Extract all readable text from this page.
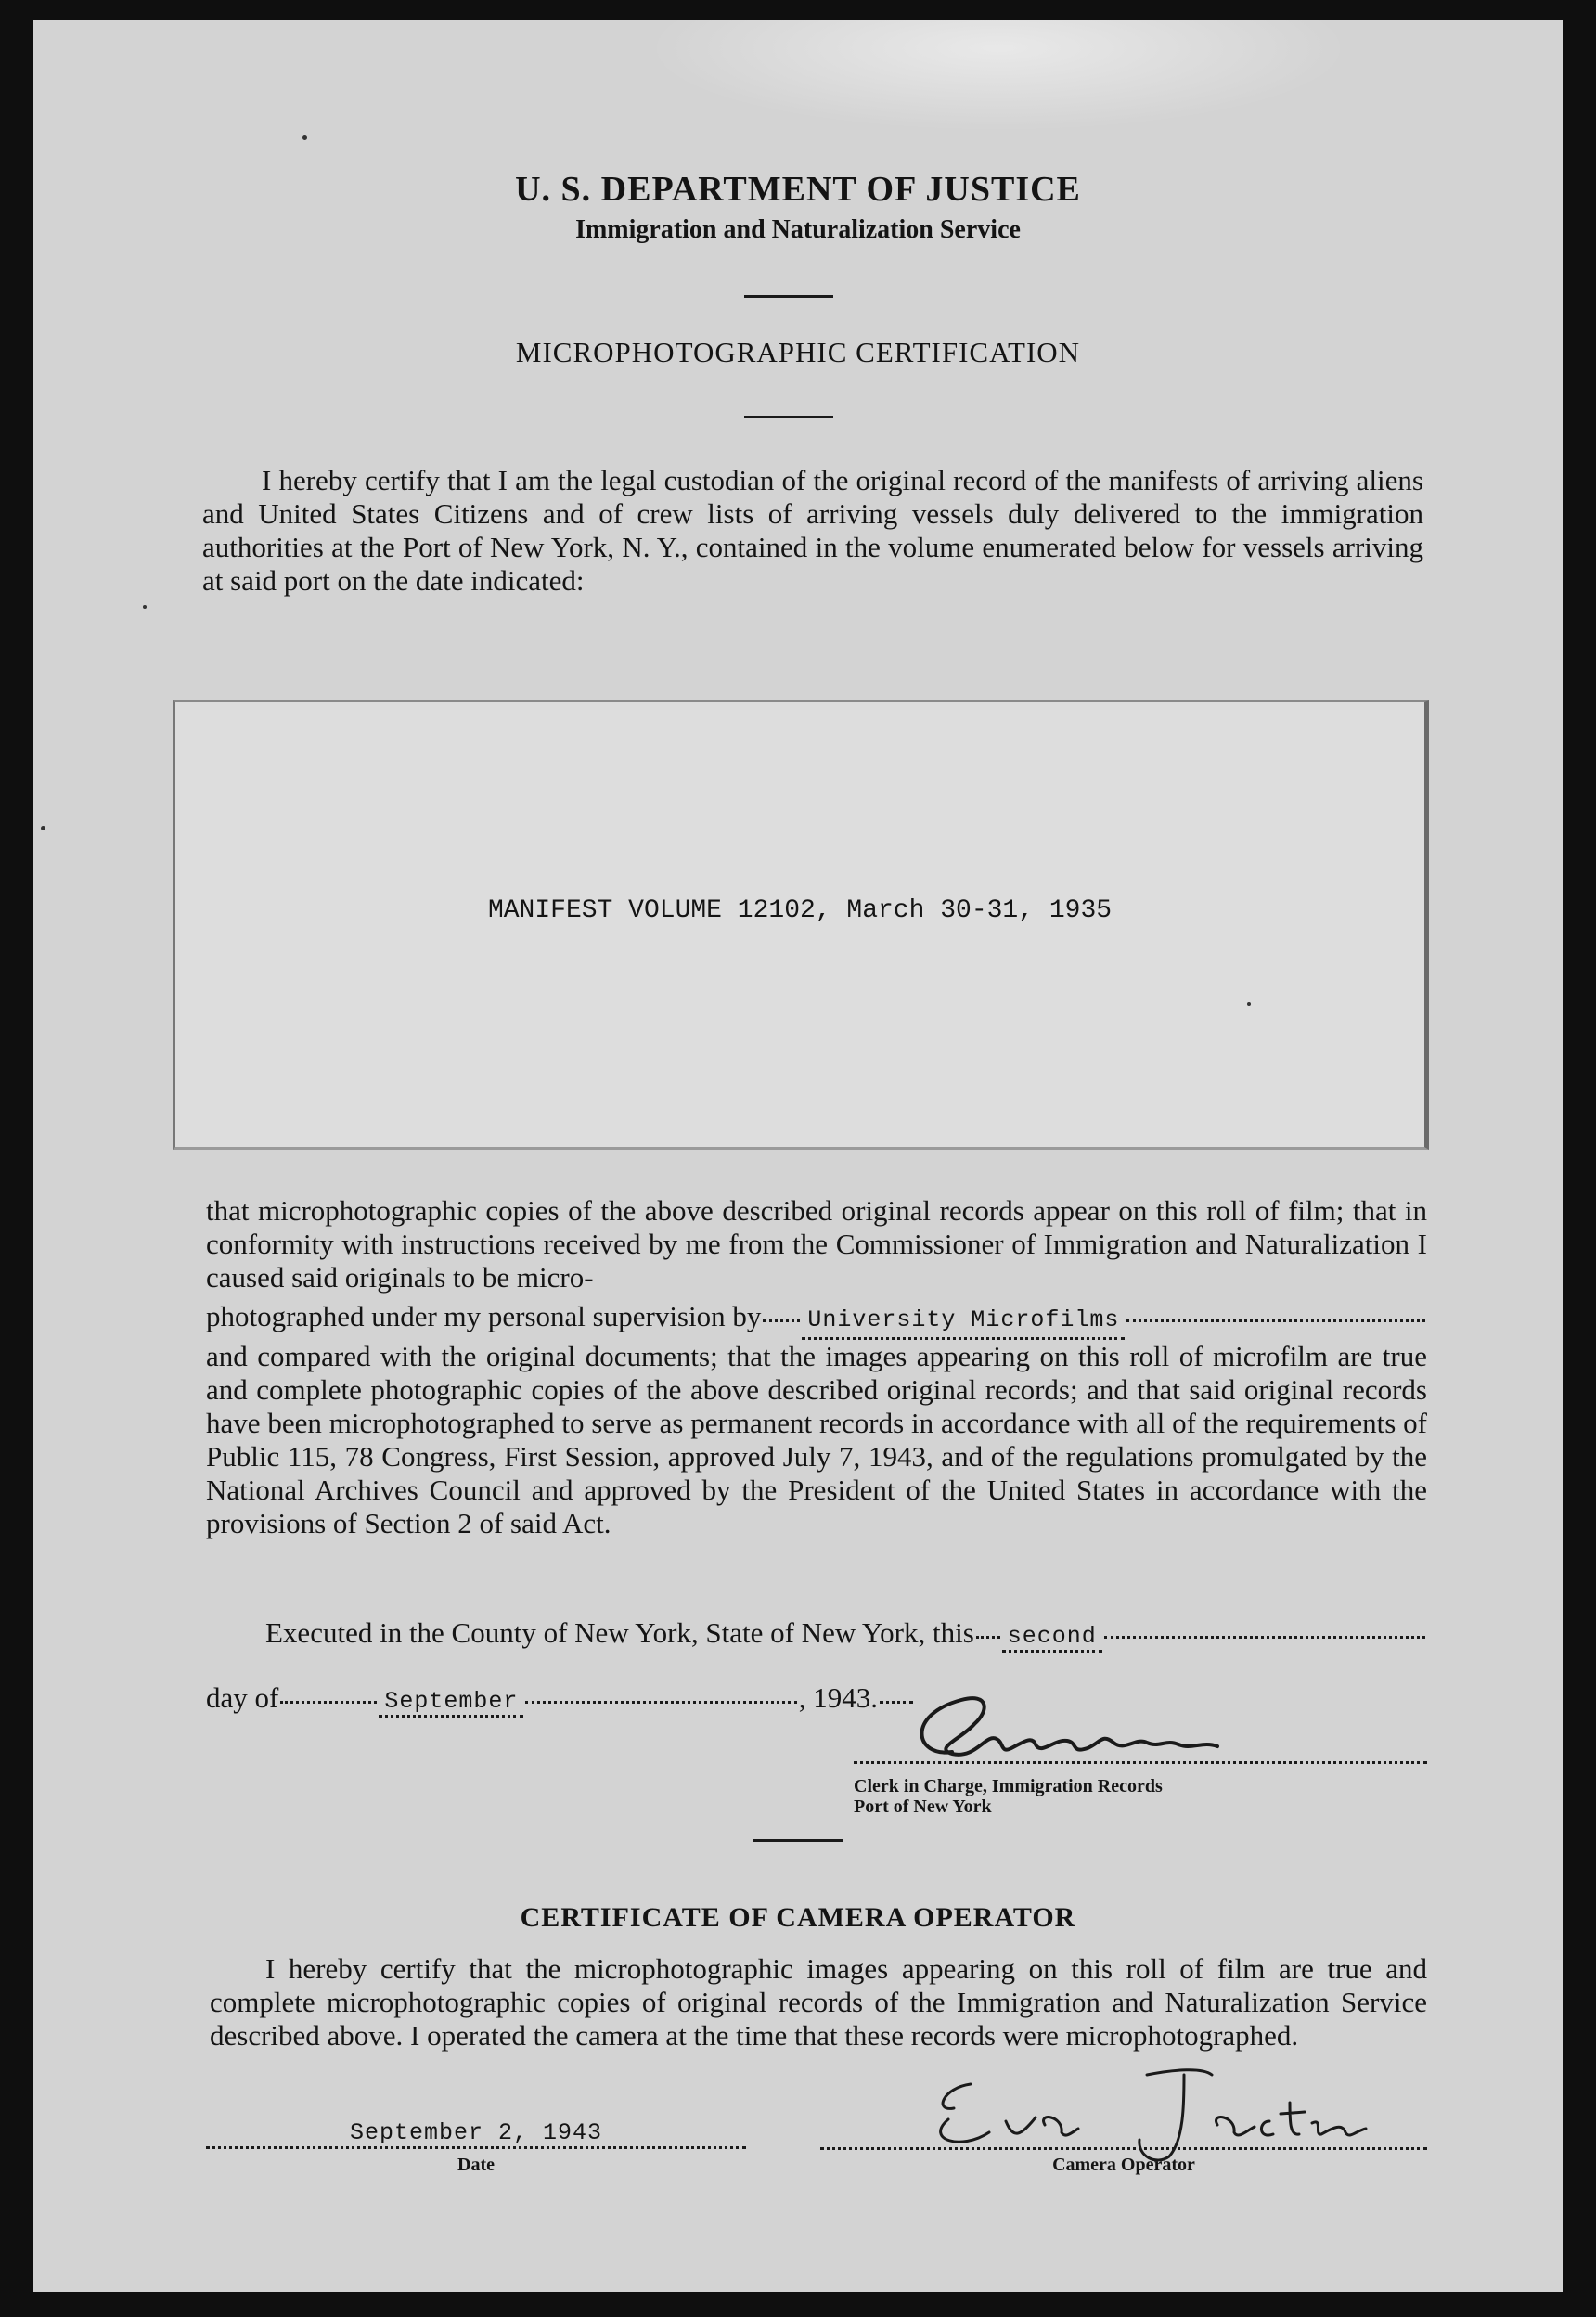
U. S. DEPARTMENT OF JUSTICE
Immigration and Naturalization Service
MICROPHOTOGRAPHIC CERTIFICATION
I hereby certify that I am the legal custodian of the original record of the manifests of arriving aliens and United States Citizens and of crew lists of arriving vessels duly delivered to the immigration authorities at the Port of New York, N. Y., contained in the volume enumerated below for vessels arriving at said port on the date indicated:
MANIFEST VOLUME 12102, March 30-31, 1935
that microphotographic copies of the above described original records appear on this roll of film; that in conformity with instructions received by me from the Commissioner of Immigration and Naturalization I caused said originals to be micro-
photographed under my personal supervision by University Microfilms
and compared with the original documents; that the images appearing on this roll of microfilm are true and complete photographic copies of the above described original records; and that said original records have been microphotographed to serve as permanent records in accordance with all of the requirements of Public 115, 78 Congress, First Session, approved July 7, 1943, and of the regulations promulgated by the National Archives Council and approved by the President of the United States in accordance with the provisions of Section 2 of said Act.
Executed in the County of New York, State of New York, this second
day of	September	, 1943.
Clerk in Charge, Immigration Records
Port of New York
CERTIFICATE OF CAMERA OPERATOR
I hereby certify that the microphotographic images appearing on this roll of film are true and complete microphotographic copies of original records of the Immigration and Naturalization Service described above. I operated the camera at the time that these records were microphotographed.
September 2, 1943
Date	Camera Operator
